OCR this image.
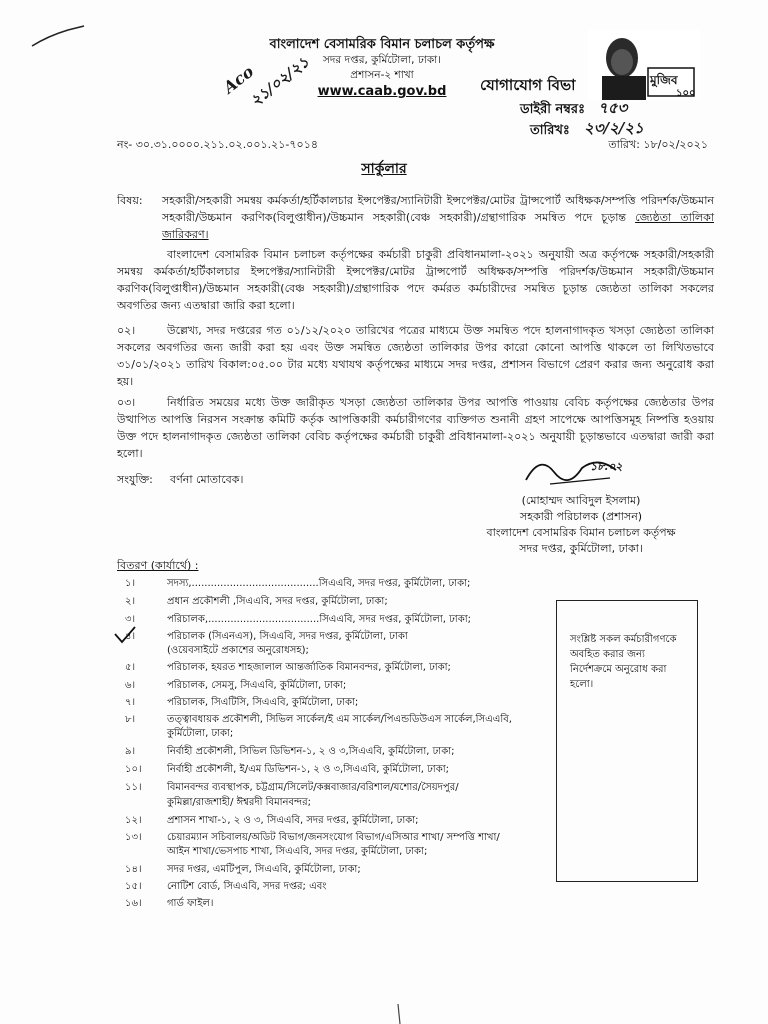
বাংলাদেশ বেসামরিক বিমান চলাচল কর্তৃপক্ষ
সদর দপ্তর, কুর্মিটোলা, ঢাকা।
প্রশাসন-২ শাখা
www.caab.gov.bd
মুজিব
১০০
যোগাযোগ বিভা
ডাইরী নম্বরঃ ৭৫৩
তারিখঃ ২৩/২/২১
Aco
২১/০২/২১
নং- ৩০.৩১.০০০০.২১১.০২.০০১.২১-৭০১৪	তারিখ: ১৮/০২/২০২১
সার্কুলার
বিষয়: সহকারী/সহকারী সমন্বয় কর্মকর্তা/হর্টিকালচার ইন্সপেক্টর/স্যানিটারী ইন্সপেক্টর/মোটর ট্রান্সপোর্ট অধিক্ষক/সম্পত্তি পরিদর্শক/উচ্চমান সহকারী/উচ্চমান করণিক(বিলুপ্তাধীন)/উচ্চমান সহকারী(বেঞ্চ সহকারী)/গ্রন্থাগারিক সমন্বিত পদে চূড়ান্ত জ্যেষ্ঠতা তালিকা জারিকরণ।
বাংলাদেশ বেসামরিক বিমান চলাচল কর্তৃপক্ষের কর্মচারী চাকুরী প্রবিধানমালা-২০২১ অনুযায়ী অত্র কর্তৃপক্ষে সহকারী/সহকারী সমন্বয় কর্মকর্তা/হর্টিকালচার ইন্সপেক্টর/স্যানিটারী ইন্সপেক্টর/মোটর ট্রান্সপোর্ট অধিক্ষক/সম্পত্তি পরিদর্শক/উচ্চমান সহকারী/উচ্চমান করণিক(বিলুপ্তাধীন)/উচ্চমান সহকারী(বেঞ্চ সহকারী)/গ্রন্থাগারিক পদে কর্মরত কর্মচারীদের সমন্বিত চূড়ান্ত জ্যেষ্ঠতা তালিকা সকলের অবগতির জন্য এতদ্বারা জারি করা হলো।
০২।	উল্লেখ্য, সদর দপ্তরের গত ০১/১২/২০২০ তারিখের পত্রের মাধ্যমে উক্ত সমন্বিত পদে হালনাগাদকৃত খসড়া জ্যেষ্ঠতা তালিকা সকলের অবগতির জন্য জারী করা হয় এবং উক্ত সমন্বিত জ্যেষ্ঠতা তালিকার উপর কারো কোনো আপত্তি থাকলে তা লিখিতভাবে ৩১/০১/২০২১ তারিখ বিকাল:০৫.০০ টার মধ্যে যথাযথ কর্তৃপক্ষের মাধ্যমে সদর দপ্তর, প্রশাসন বিভাগে প্রেরণ করার জন্য অনুরোধ করা হয়।
০৩।	নির্ধারিত সময়ের মধ্যে উক্ত জারীকৃত খসড়া জ্যেষ্ঠতা তালিকার উপর আপত্তি পাওয়ায় বেবিচ কর্তৃপক্ষের জ্যেষ্ঠতার উপর উত্থাপিত আপত্তি নিরসন সংক্রান্ত কমিটি কর্তৃক আপত্তিকারী কর্মচারীগণের ব্যক্তিগত শুনানী গ্রহণ সাপেক্ষে আপত্তিসমূহ নিষ্পত্তি হওয়ায় উক্ত পদে হালনাগাদকৃত জ্যেষ্ঠতা তালিকা বেবিচ কর্তৃপক্ষের কর্মচারী চাকুরী প্রবিধানমালা-২০২১ অনুযায়ী চূড়ান্তভাবে এতদ্বারা জারী করা হলো।
সংযুক্তি: বর্ণনা মোতাবেক।
১৮.০২
(মোহাম্মদ আবিদুল ইসলাম)
সহকারী পরিচালক (প্রশাসন)
বাংলাদেশ বেসামরিক বিমান চলাচল কর্তৃপক্ষ
সদর দপ্তর, কুর্মিটোলা, ঢাকা।
বিতরণ (কার্যার্থে) :
১।	সদস্য,........................................সিএএবি, সদর দপ্তর, কুর্মিটোলা, ঢাকা;
২।	প্রধান প্রকৌশলী ,সিএএবি, সদর দপ্তর, কুর্মিটোলা, ঢাকা;
৩।	পরিচালক,...................................সিএএবি, সদর দপ্তর, কুর্মিটোলা, ঢাকা;
৪।	পরিচালক (সিএনএস), সিএএবি, সদর দপ্তর, কুর্মিটোলা, ঢাকা
(ওয়েবসাইটে প্রকাশের অনুরোধসহ);
৫।	পরিচালক, হযরত শাহজালাল আন্তর্জাতিক বিমানবন্দর, কুর্মিটোলা, ঢাকা;
৬।	পরিচালক, সেমসু, সিএএবি, কুর্মিটোলা, ঢাকা;
৭।	পরিচালক, সিএটিসি, সিএএবি, কুর্মিটোলা, ঢাকা;
৮।	তত্ত্বাবধায়ক প্রকৌশলী, সিভিল সার্কেল/ই এম সার্কেল/পিএন্ডডিউএস সার্কেল,সিএএবি,
কুর্মিটোলা, ঢাকা;
৯।	নির্বাহী প্রকৌশলী, সিভিল ডিভিশন-১, ২ ও ৩,সিএএবি, কুর্মিটোলা, ঢাকা;
১০।	নির্বাহী প্রকৌশলী, ই/এম ডিভিশন-১, ২ ও ৩,সিএএবি, কুর্মিটোলা, ঢাকা;
১১।	বিমানবন্দর ব্যবস্থাপক, চট্টগ্রাম/সিলেট/কক্সবাজার/বরিশাল/যশোর/সৈয়দপুর/
কুমিল্লা/রাজশাহী/ ঈশ্বরদী বিমানবন্দর;
১২।	প্রশাসন শাখা-১, ২ ও ৩, সিএএবি, সদর দপ্তর, কুর্মিটোলা, ঢাকা;
১৩।	চেয়ারম্যান সচিবালয়/অডিট বিভাগ/জনসংযোগ বিভাগ/এসিআর শাখা/ সম্পত্তি শাখা/
আইন শাখা/ভেসপাচ শাখা, সিএএবি, সদর দপ্তর, কুর্মিটোলা, ঢাকা;
১৪।	সদর দপ্তর, এমটিপুল, সিএএবি, কুর্মিটোলা, ঢাকা;
১৫।	নোটিশ বোর্ড, সিএএবি, সদর দপ্তর; এবং
১৬।	গার্ড ফাইল।
সংশ্লিষ্ট সকল কর্মচারীগণকে অবহিত করার জন্য নির্দেশক্রমে অনুরোধ করা হলো।
